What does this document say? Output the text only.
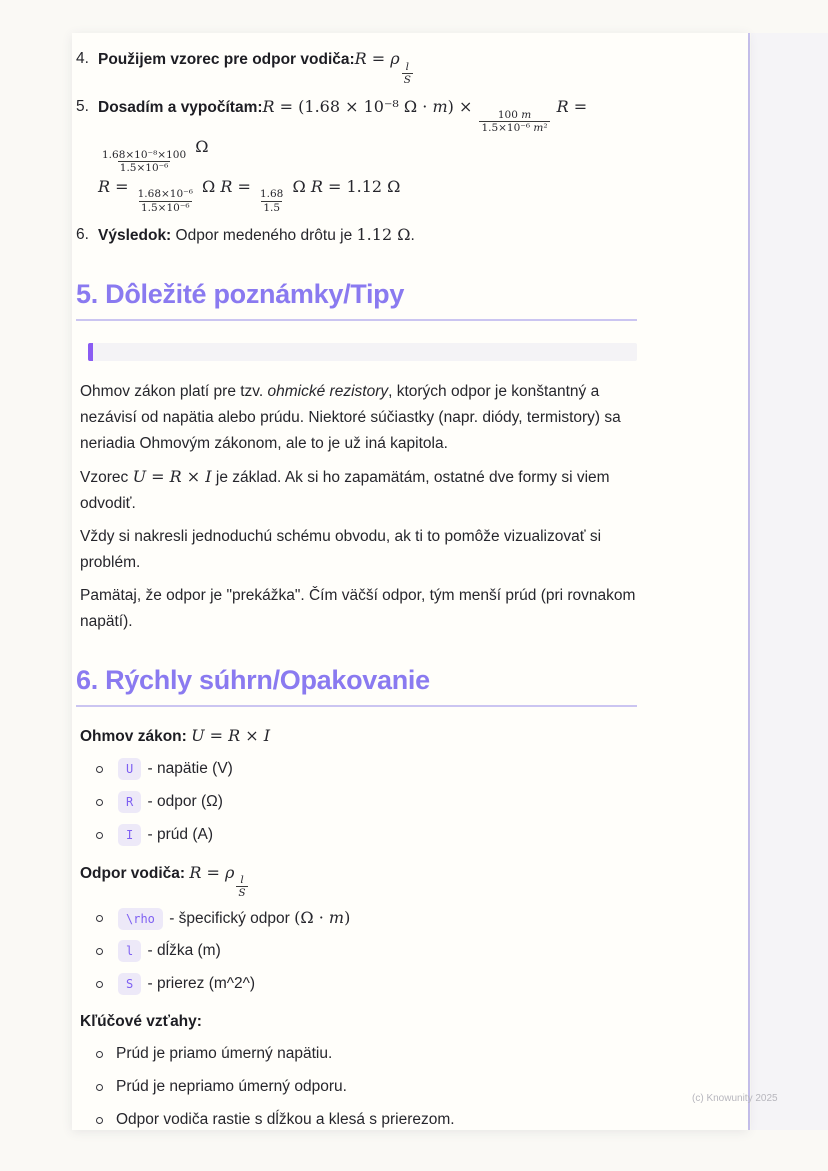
4. Použijem vzorec pre odpor vodiča:R = ρ
$\frac{l}{S}$
5. Dosadím a vypočítam:R = (1.68 × 10⁻⁸ Ω · m) ×
$\frac{100 m}{\text{1.5×10⁻⁶ m²}}$
R =
$\frac{\text{1.68×10⁻⁸×100}}{\text{1.5×10⁻⁶}}$
Ω
R =
$\frac{\text{1.68×10⁻⁶}}{\text{1.5×10⁻⁶}}$
Ω R =
$\frac{1.68}{1.5}$
Ω R = 1.12 Ω
6. Výsledok: Odpor medeného drôtu je 1.12 Ω.
5. Dôležité poznámky/Tipy
Ohmov zákon platí pre tzv. ohmické rezistory, ktorých odpor je konštantný a nezávisí od napätia alebo prúdu. Niektoré súčiastky (napr. diódy, termistory) sa neriadia Ohmovým zákonom, ale to je už iná kapitola.
Vzorec U = R × I je základ. Ak si ho zapamätám, ostatné dve formy si viem odvodiť.
Vždy si nakresli jednoduchú schému obvodu, ak ti to pomôže vizualizovať si problém.
Pamätaj, že odpor je "prekážka". Čím väčší odpor, tým menší prúd (pri rovnakom napätí).
6. Rýchly súhrn/Opakovanie
Ohmov zákon: U = R × I
U - napätie (V)
R - odpor (Ω)
I - prúd (A)
Odpor vodiča: R = ρ
$\frac{l}{S}$
\rho - špecifický odpor (Ω · m)
l - dĺžka (m)
S - prierez (m^2^)
Kľúčové vzťahy:
Prúd je priamo úmerný napätiu.
Prúd je nepriamo úmerný odporu.
Odpor vodiča rastie s dĺžkou a klesá s prierezom.
(c) Knowunity 2025
